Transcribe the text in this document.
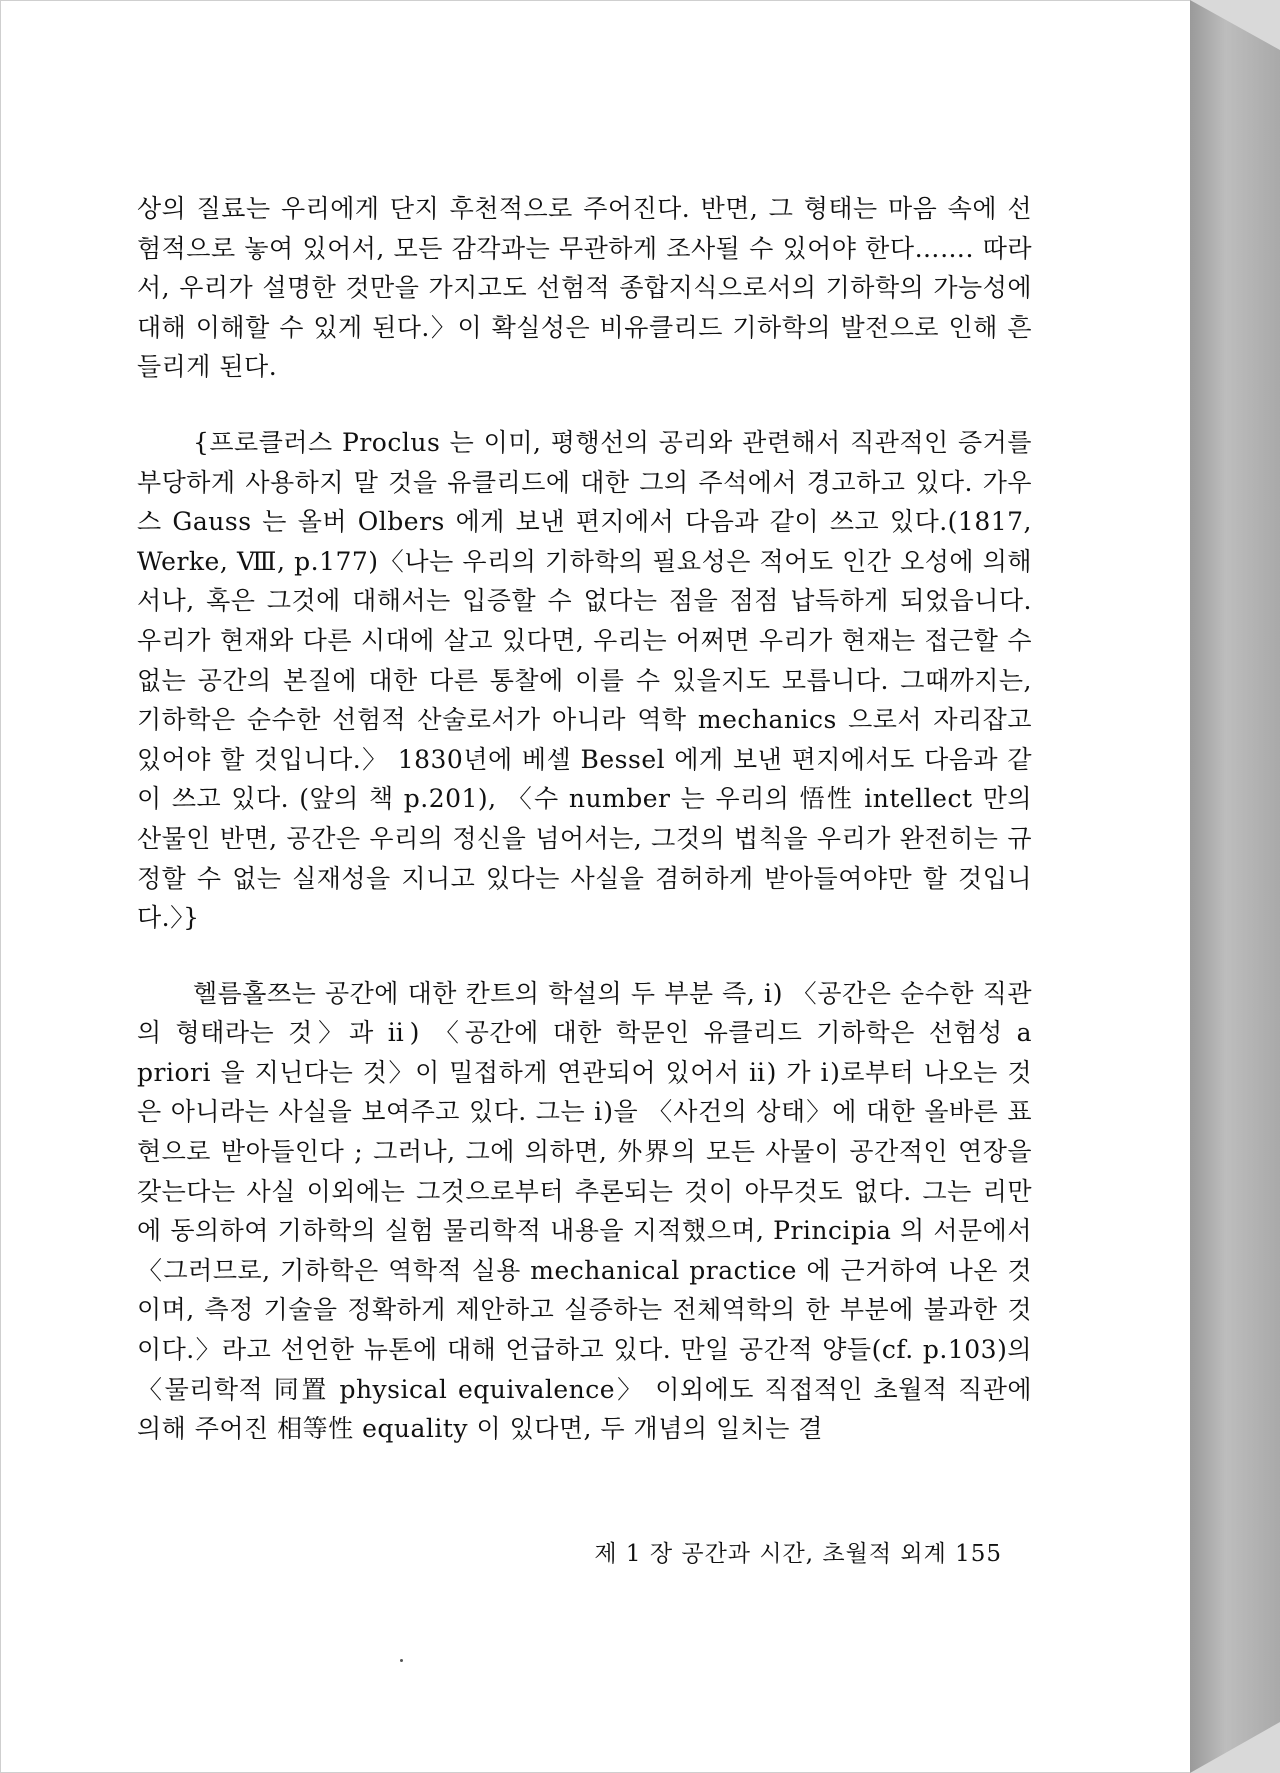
상의 질료는 우리에게 단지 후천적으로 주어진다. 반면, 그 형태는 마음 속에 선험적으로 놓여 있어서, 모든 감각과는 무관하게 조사될 수 있어야 한다……. 따라서, 우리가 설명한 것만을 가지고도 선험적 종합지식으로서의 기하학의 가능성에 대해 이해할 수 있게 된다.〉이 확실성은 비유클리드 기하학의 발전으로 인해 흔들리게 된다.

{프로클러스 Proclus 는 이미, 평행선의 공리와 관련해서 직관적인 증거를 부당하게 사용하지 말 것을 유클리드에 대한 그의 주석에서 경고하고 있다. 가우스 Gauss 는 올버 Olbers 에게 보낸 편지에서 다음과 같이 쓰고 있다.(1817, Werke, Ⅷ, p.177)〈나는 우리의 기하학의 필요성은 적어도 인간 오성에 의해서나, 혹은 그것에 대해서는 입증할 수 없다는 점을 점점 납득하게 되었읍니다. 우리가 현재와 다른 시대에 살고 있다면, 우리는 어쩌면 우리가 현재는 접근할 수 없는 공간의 본질에 대한 다른 통찰에 이를 수 있을지도 모릅니다. 그때까지는, 기하학은 순수한 선험적 산술로서가 아니라 역학 mechanics 으로서 자리잡고 있어야 할 것입니다.〉 1830년에 베셀 Bessel 에게 보낸 편지에서도 다음과 같이 쓰고 있다. (앞의 책 p.201), 〈수 number 는 우리의 悟性 intellect 만의 산물인 반면, 공간은 우리의 정신을 넘어서는, 그것의 법칙을 우리가 완전히는 규정할 수 없는 실재성을 지니고 있다는 사실을 겸허하게 받아들여야만 할 것입니다.〉}

헬름홀쯔는 공간에 대한 칸트의 학설의 두 부분 즉, ⅰ) 〈공간은 순수한 직관의 형태라는 것〉과 ⅱ) 〈공간에 대한 학문인 유클리드 기하학은 선험성 a priori 을 지닌다는 것〉이 밀접하게 연관되어 있어서 ⅱ) 가 ⅰ)로부터 나오는 것은 아니라는 사실을 보여주고 있다. 그는 ⅰ)을 〈사건의 상태〉에 대한 올바른 표현으로 받아들인다 ; 그러나, 그에 의하면, 外界의 모든 사물이 공간적인 연장을 갖는다는 사실 이외에는 그것으로부터 추론되는 것이 아무것도 없다. 그는 리만에 동의하여 기하학의 실험 물리학적 내용을 지적했으며, Principia 의 서문에서 〈그러므로, 기하학은 역학적 실용 mechanical practice 에 근거하여 나온 것이며, 측정 기술을 정확하게 제안하고 실증하는 전체역학의 한 부분에 불과한 것이다.〉라고 선언한 뉴톤에 대해 언급하고 있다. 만일 공간적 양들(cf. p.103)의 〈물리학적 同置 physical equivalence〉 이외에도 직접적인 초월적 직관에 의해 주어진 相等性 equality 이 있다면, 두 개념의 일치는 결

제 1 장 공간과 시간, 초월적 외계 155
